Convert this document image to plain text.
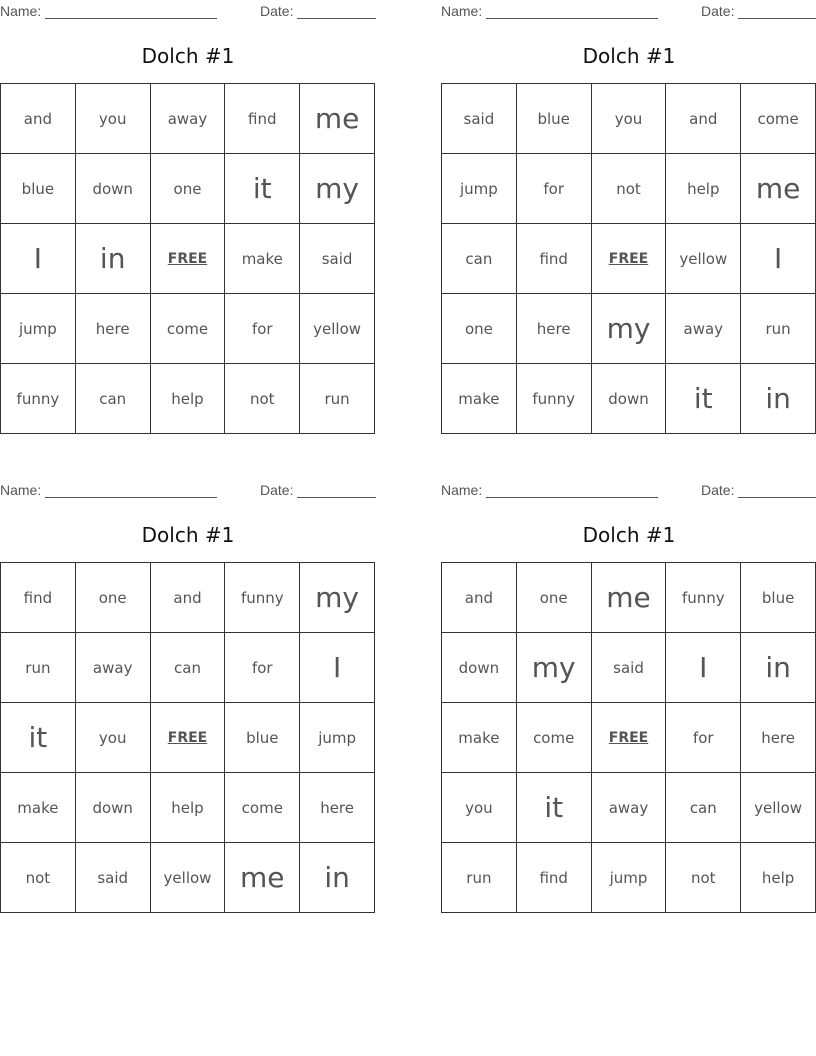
Name:	Date:
Dolch #1
and	you	away	find	me
blue	down	one	it	my
I	in	FREE	make	said
jump	here	come	for	yellow
funny	can	help	not	run
Name:	Date:
Dolch #1
said	blue	you	and	come
jump	for	not	help	me
can	find	FREE	yellow	I
one	here	my	away	run
make	funny	down	it	in
Name:	Date:
Dolch #1
find	one	and	funny	my
run	away	can	for	I
it	you	FREE	blue	jump
make	down	help	come	here
not	said	yellow	me	in
Name:	Date:
Dolch #1
and	one	me	funny	blue
down	my	said	I	in
make	come	FREE	for	here
you	it	away	can	yellow
run	find	jump	not	help
